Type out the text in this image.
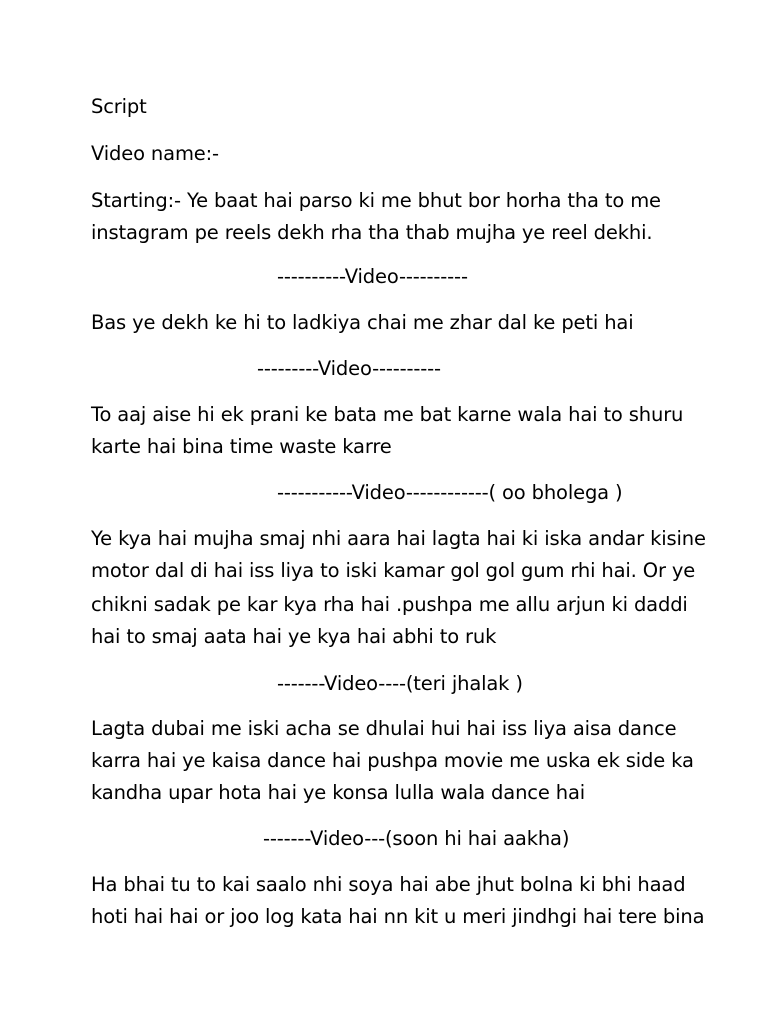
Script
Video name:-
Starting:- Ye baat hai parso ki me bhut bor horha tha to me
instagram pe reels dekh rha tha thab mujha ye reel dekhi.
----------Video----------
Bas ye dekh ke hi to ladkiya chai me zhar dal ke peti hai
---------Video----------
To aaj aise hi ek prani ke bata me bat karne wala hai to shuru
karte hai bina time waste karre
-----------Video------------( oo bholega )
Ye kya hai mujha smaj nhi aara hai lagta hai ki iska andar kisine
motor dal di hai iss liya to iski kamar gol gol gum rhi hai. Or ye
chikni sadak pe kar kya rha hai .pushpa me allu arjun ki daddi
hai to smaj aata hai ye kya hai abhi to ruk
-------Video----(teri jhalak )
Lagta dubai me iski acha se dhulai hui hai iss liya aisa dance
karra hai ye kaisa dance hai pushpa movie me uska ek side ka
kandha upar hota hai ye konsa lulla wala dance hai
-------Video---(soon hi hai aakha)
Ha bhai tu to kai saalo nhi soya hai abe jhut bolna ki bhi haad
hoti hai hai or joo log kata hai nn kit u meri jindhgi hai tere bina
